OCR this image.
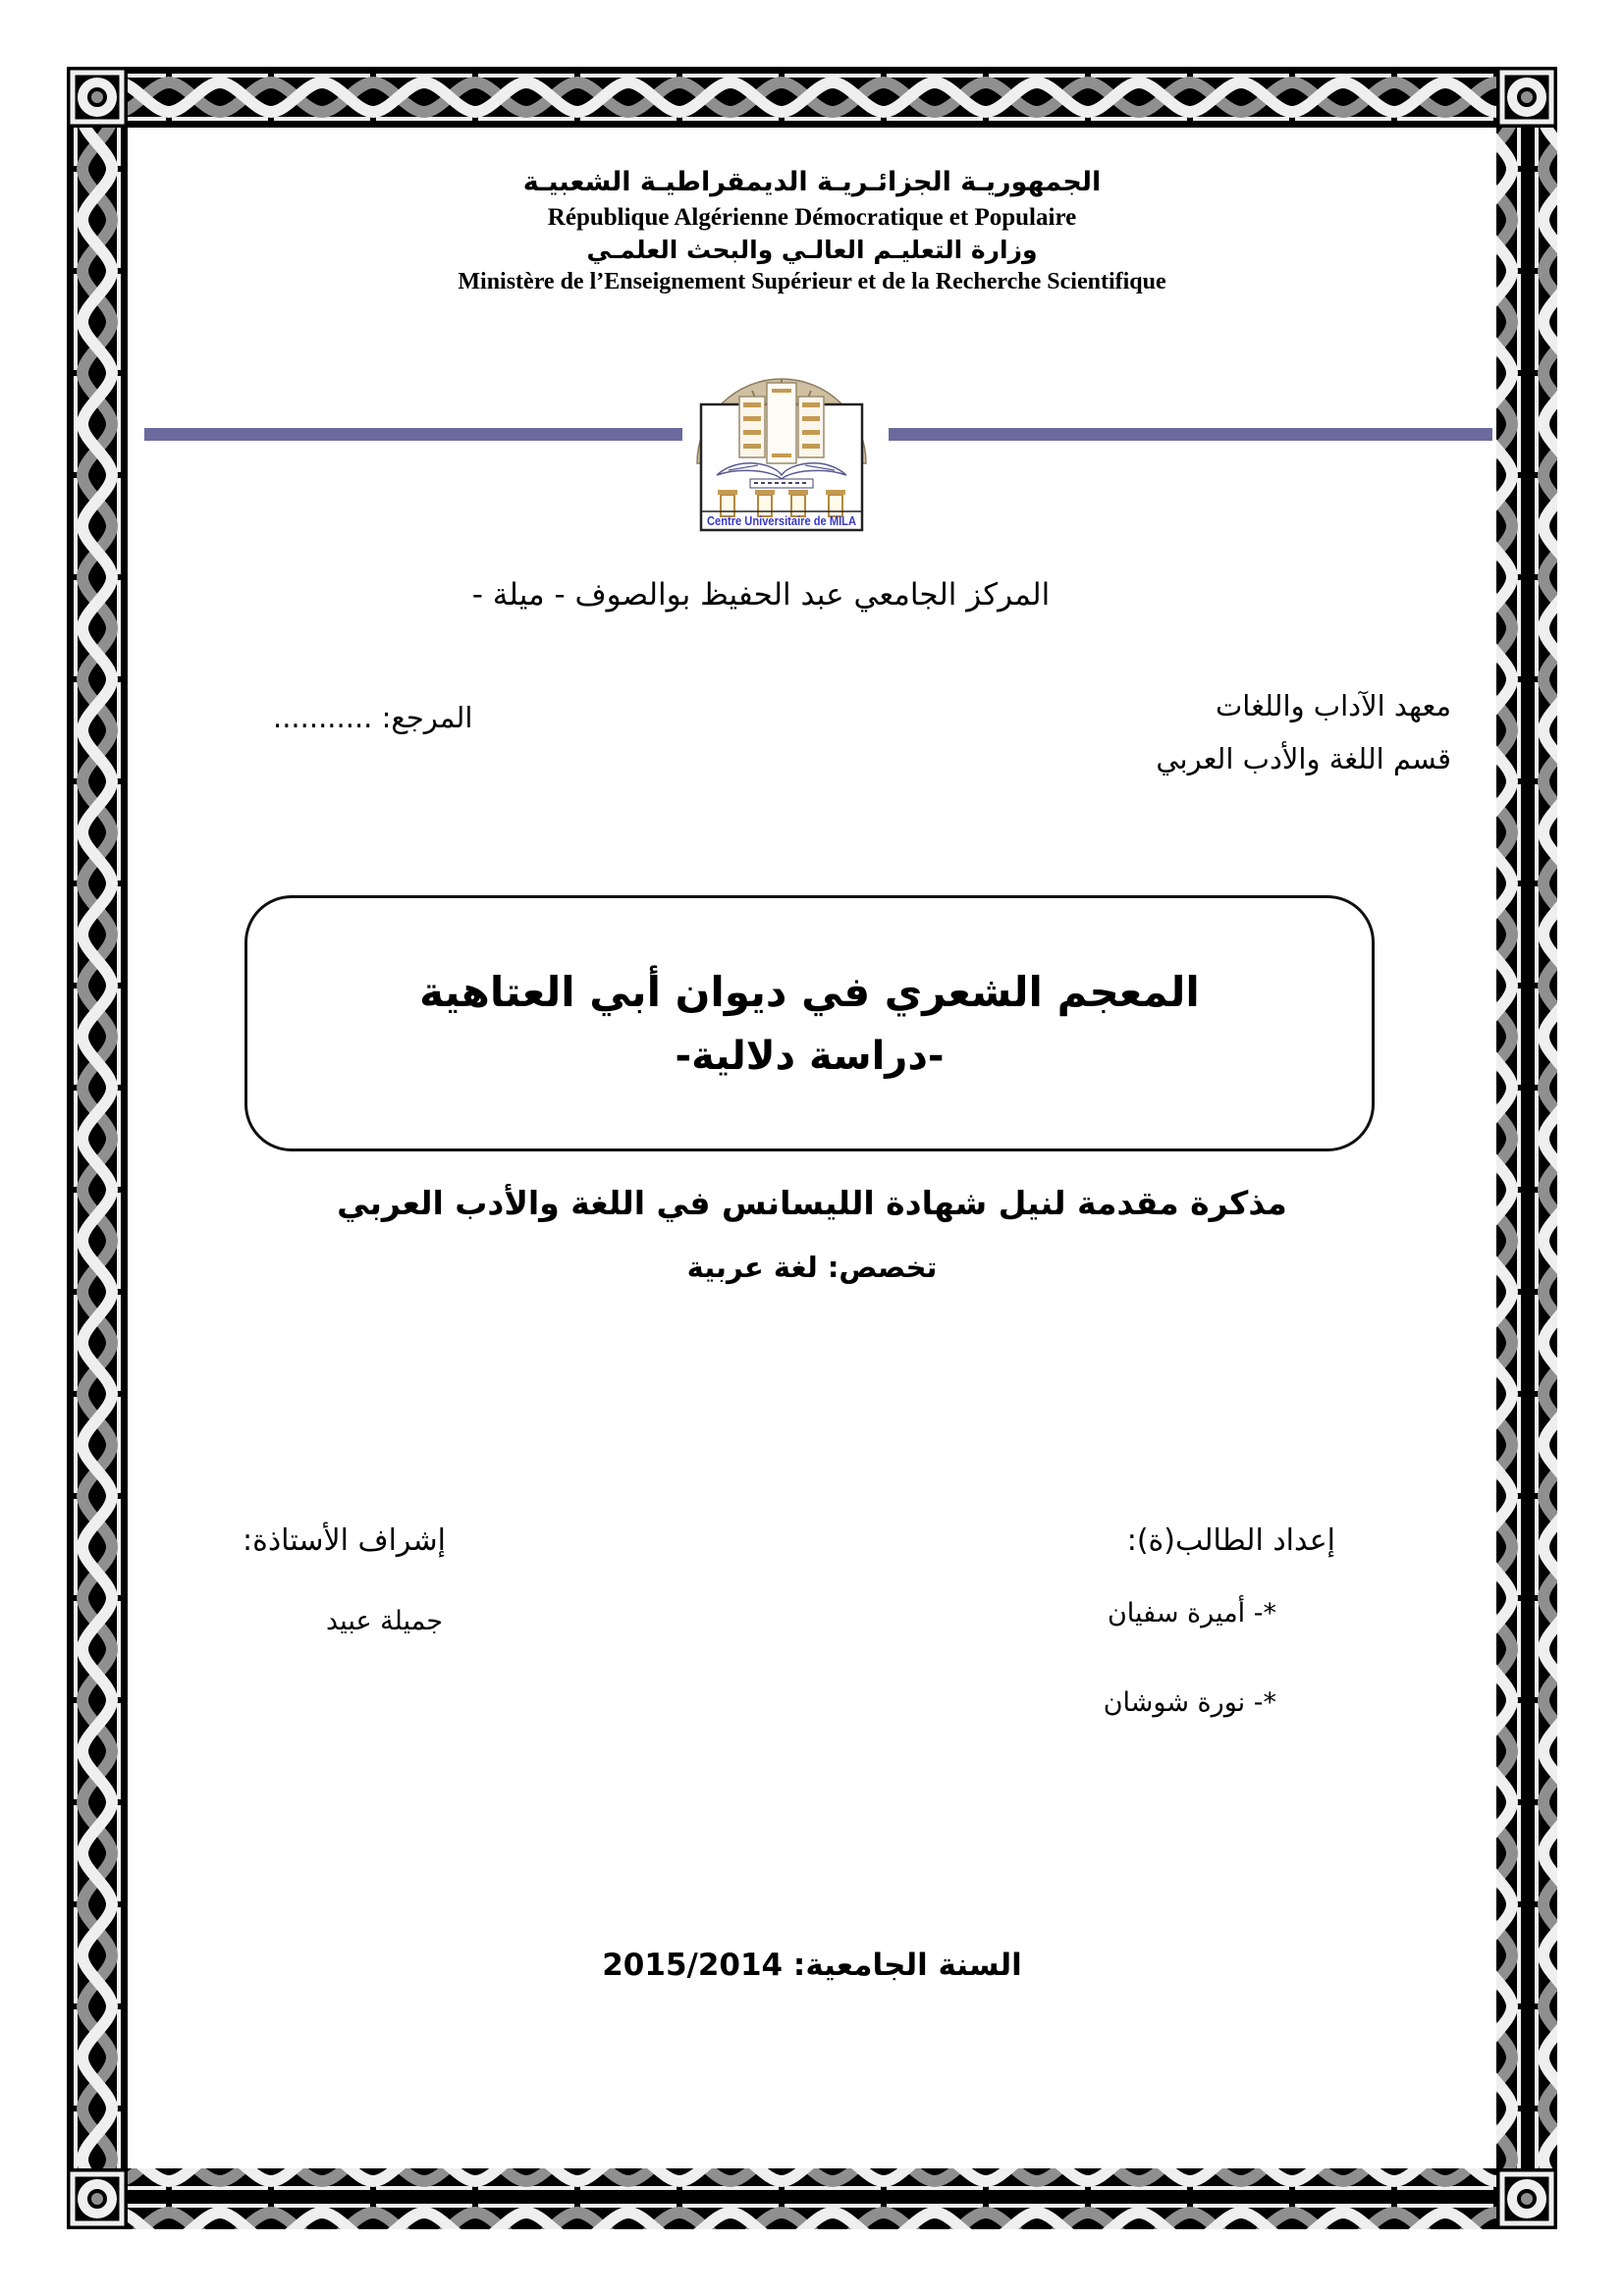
الجمهوريـة الجزائـريـة الديمقراطيـة الشعبيـة
République Algérienne Démocratique et Populaire
وزارة التعليـم العالـي والبحث العلمـي
Ministère de l’Enseignement Supérieur et de la Recherche Scientifique
Centre Universitaire de MILA
المركز الجامعي عبد الحفيظ بوالصوف - ميلة -
معهد الآداب واللغات
قسم اللغة والأدب العربي
المرجع: ...........
المعجم الشعري في ديوان أبي العتاهية
-دراسة دلالية-
مذكرة مقدمة لنيل شهادة الليسانس في اللغة والأدب العربي
تخصص: لغة عربية
إعداد الطالب(ة):
*- أميرة سفيان
*- نورة شوشان
إشراف الأستاذة:
جميلة عبيد
السنة الجامعية: 2015/2014
